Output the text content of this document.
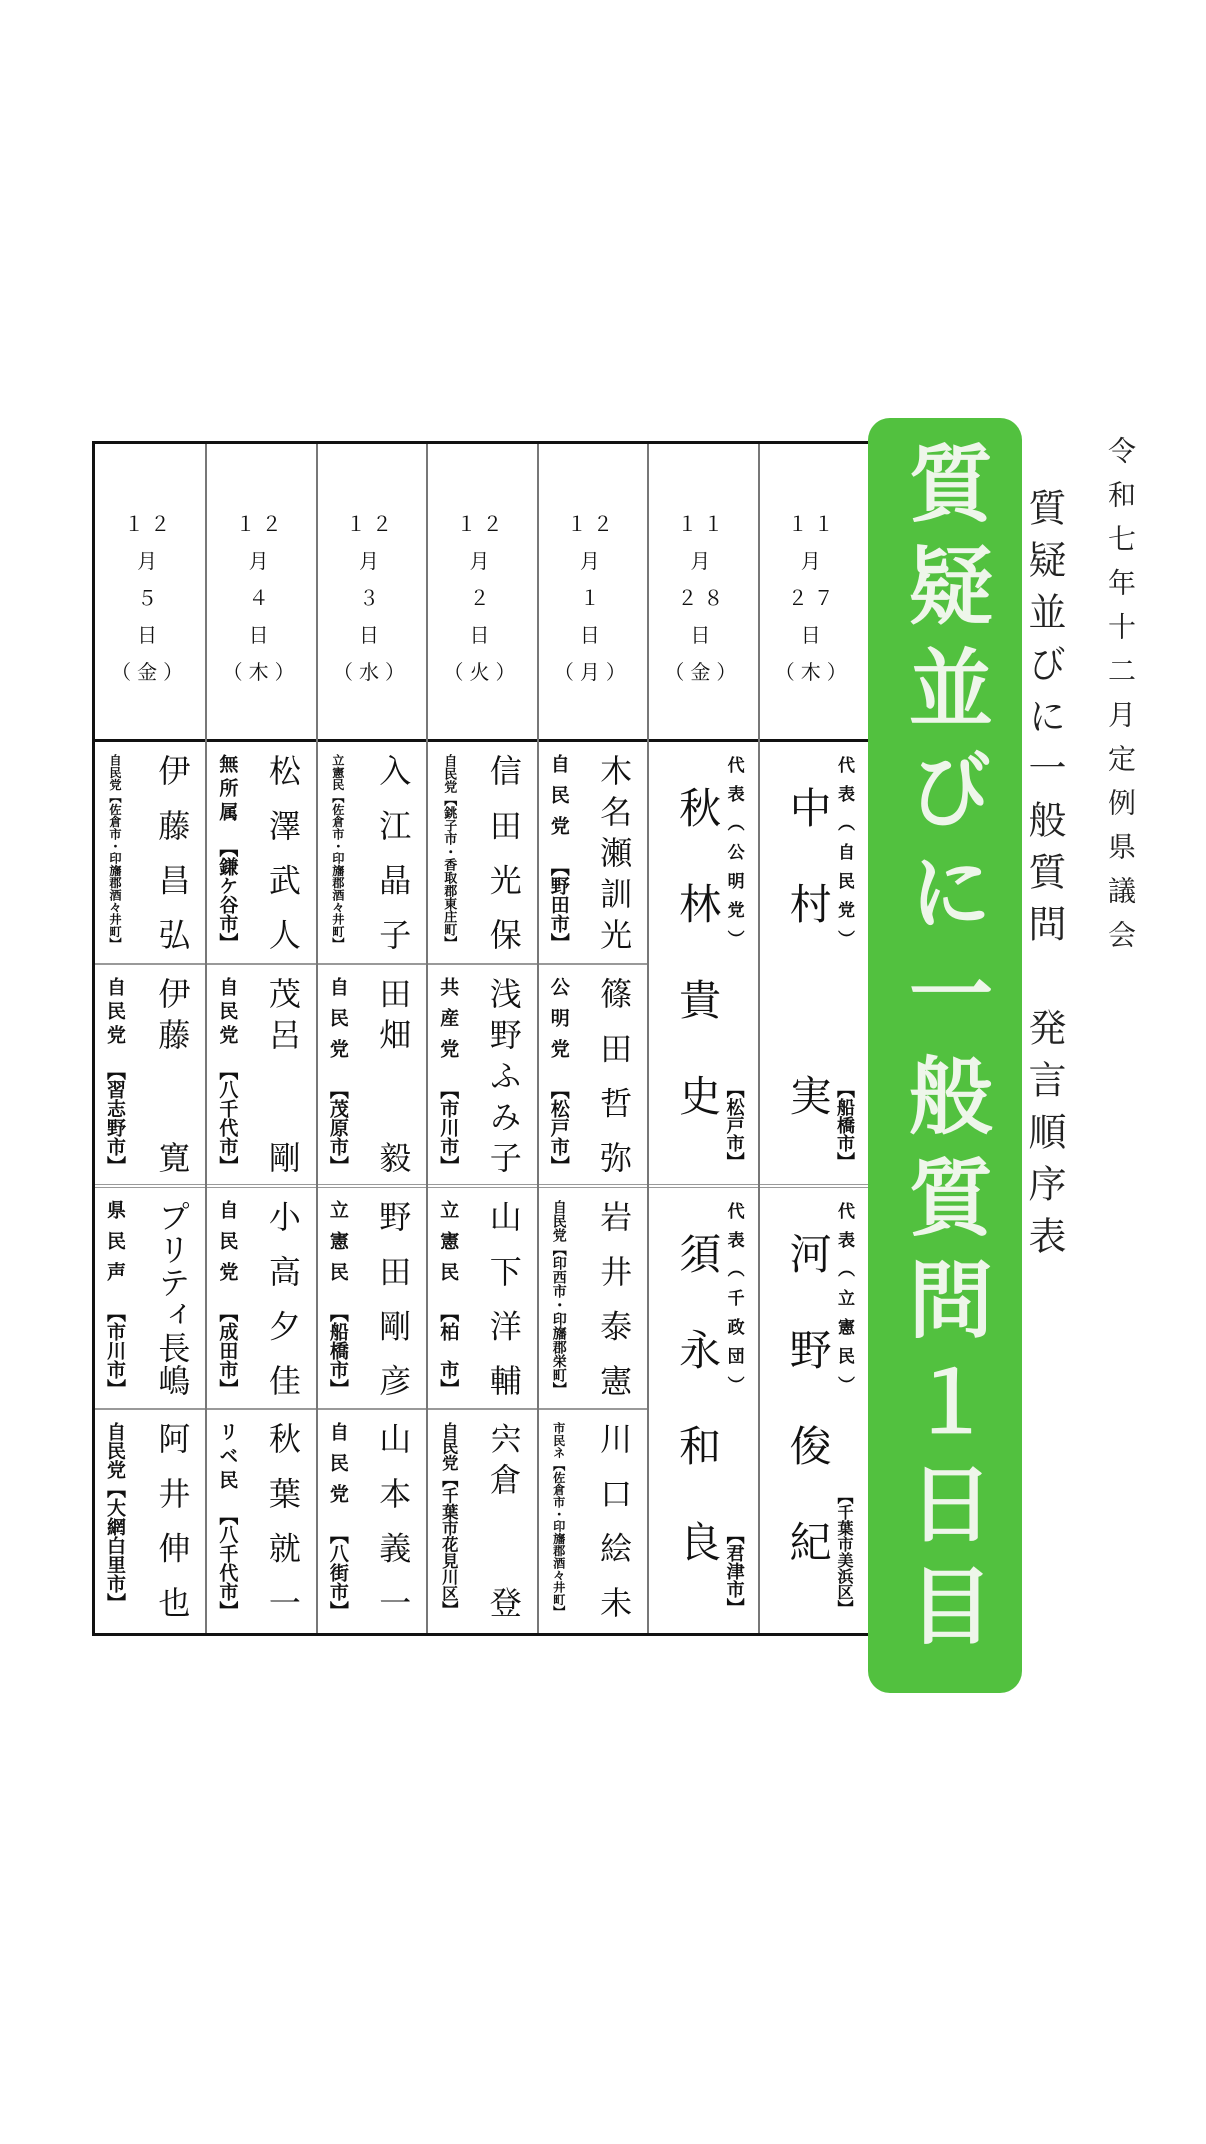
令和七年十二月定例県議会
質疑並びに一般質問　発言順序表
質疑並びに一般質問１日目
１１
月
２７
日
（木）
中村　実 代表（自民党）
【船橋市】
河野俊紀 代表（立憲民）
【千葉市美浜区】
１１
月
２８
日
（金）
秋林貴史 代表（公明党）
【松戸市】
須永和良 代表（千政団）
【君津市】
１２
月
１
日
（月）
木名瀬訓光
自民党
【野田市】
篠田哲弥
公明党
【松戸市】
岩井泰憲
自民党
【印西市・印旛郡栄町】
川口絵未
市民ネ
【佐倉市・印旛郡酒々井町】
１２
月
２
日
（火）
信田光保
自民党
【銚子市・香取郡東庄町】
浅野ふみ子
共産党
【市川市】
山下洋輔
立憲民
【柏　市】
宍倉　　登
自民党
【千葉市花見川区】
１２
月
３
日
（水）
入江晶子
立憲民
【佐倉市・印旛郡酒々井町】
田畑　　毅
自民党
【茂原市】
野田剛彦
立憲民
【船橋市】
山本義一
自民党
【八街市】
１２
月
４
日
（木）
松澤武人
無所属
【鎌ケ谷市】
茂呂　　剛
自民党
【八千代市】
小高夕佳
自民党
【成田市】
秋葉就一
リベ民
【八千代市】
１２
月
５
日
（金）
伊藤昌弘
自民党
【佐倉市・印旛郡酒々井町】
伊藤　　寛
自民党
【習志野市】
プリティ長嶋
県民声
【市川市】
阿井伸也
自民党
【大網白里市】
